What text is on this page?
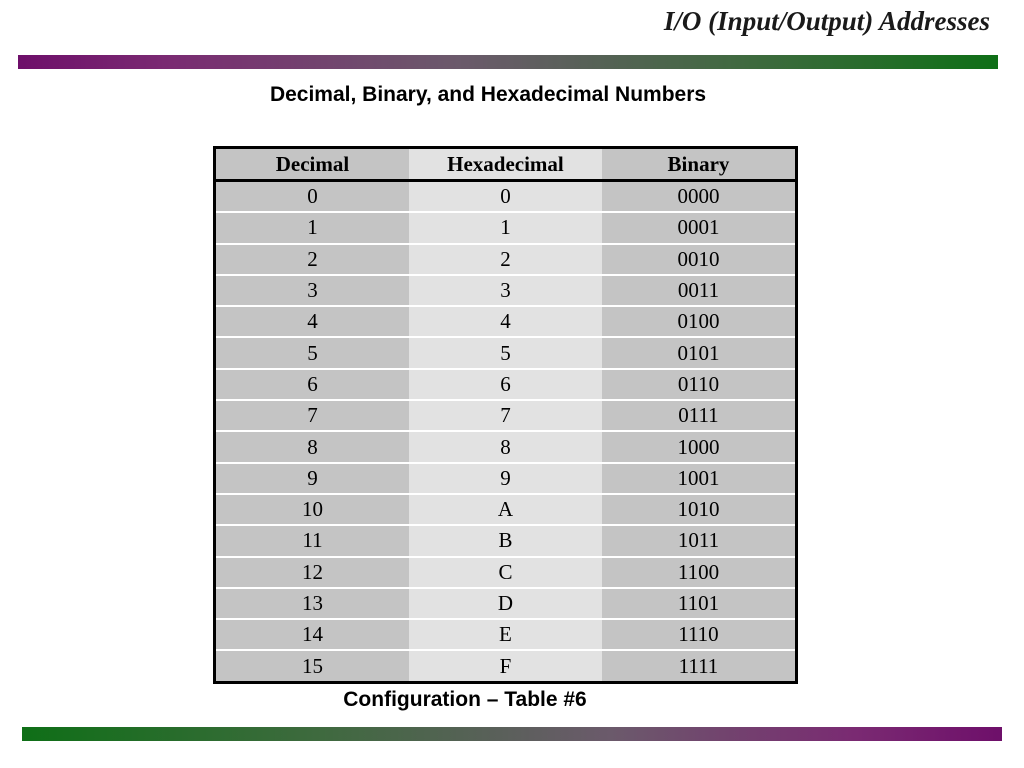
I/O (Input/Output) Addresses
Decimal, Binary, and Hexadecimal Numbers
Decimal	Hexadecimal	Binary
0	0	0000
1	1	0001
2	2	0010
3	3	0011
4	4	0100
5	5	0101
6	6	0110
7	7	0111
8	8	1000
9	9	1001
10	A	1010
11	B	1011
12	C	1100
13	D	1101
14	E	1110
15	F	1111
Configuration – Table #6
